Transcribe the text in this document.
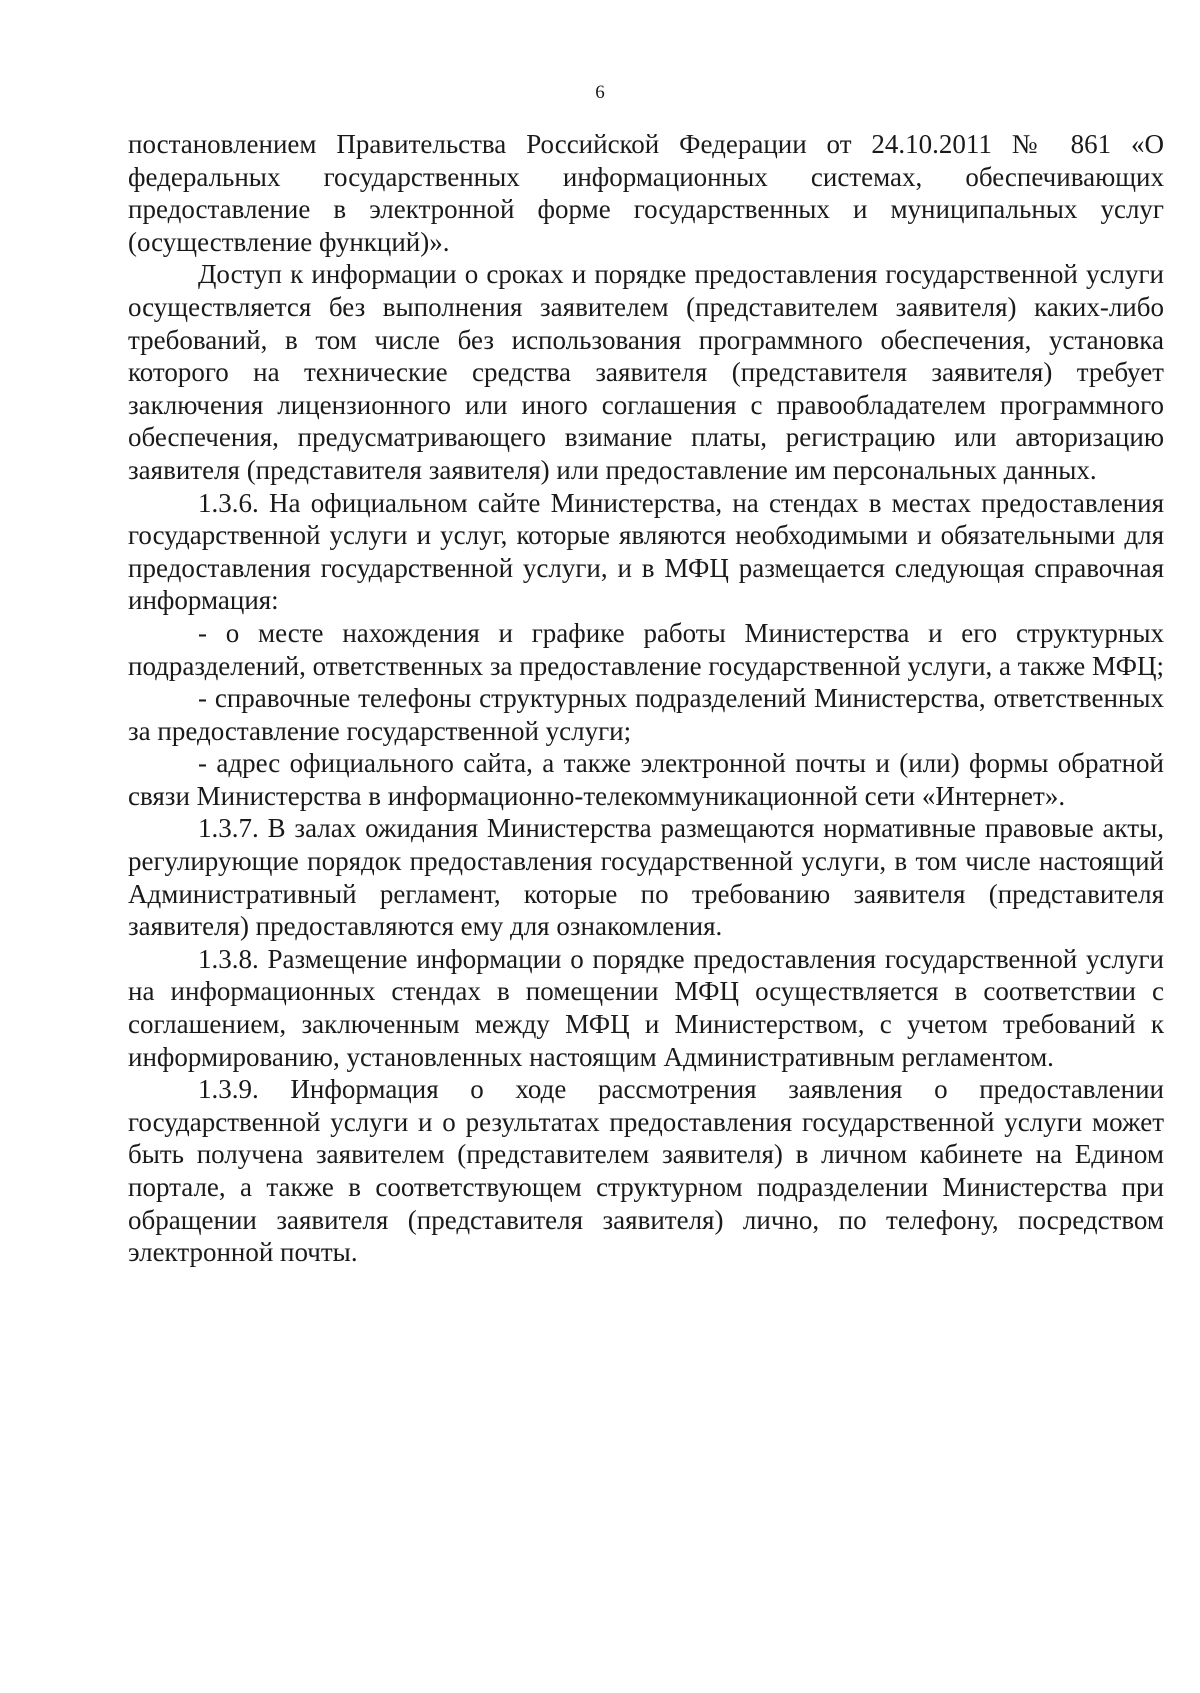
6

постановлением Правительства Российской Федерации от 24.10.2011 № 861 «О федеральных государственных информационных системах, обеспечивающих предоставление в электронной форме государственных и муниципальных услуг (осуществление функций)».

Доступ к информации о сроках и порядке предоставления государственной услуги осуществляется без выполнения заявителем (представителем заявителя) каких-либо требований, в том числе без использования программного обеспечения, установка которого на технические средства заявителя (представителя заявителя) требует заключения лицензионного или иного соглашения с правообладателем программного обеспечения, предусматривающего взимание платы, регистрацию или авторизацию заявителя (представителя заявителя) или предоставление им персональных данных.

1.3.6. На официальном сайте Министерства, на стендах в местах предоставления государственной услуги и услуг, которые являются необходимыми и обязательными для предоставления государственной услуги, и в МФЦ размещается следующая справочная информация:

- о месте нахождения и графике работы Министерства и его структурных подразделений, ответственных за предоставление государственной услуги, а также МФЦ;

- справочные телефоны структурных подразделений Министерства, ответственных за предоставление государственной услуги;

- адрес официального сайта, а также электронной почты и (или) формы обратной связи Министерства в информационно-телекоммуникационной сети «Интернет».

1.3.7. В залах ожидания Министерства размещаются нормативные правовые акты, регулирующие порядок предоставления государственной услуги, в том числе настоящий Административный регламент, которые по требованию заявителя (представителя заявителя) предоставляются ему для ознакомления.

1.3.8. Размещение информации о порядке предоставления государственной услуги на информационных стендах в помещении МФЦ осуществляется в соответствии с соглашением, заключенным между МФЦ и Министерством, с учетом требований к информированию, установленных настоящим Административным регламентом.

1.3.9. Информация о ходе рассмотрения заявления о предоставлении государственной услуги и о результатах предоставления государственной услуги может быть получена заявителем (представителем заявителя) в личном кабинете на Едином портале, а также в соответствующем структурном подразделении Министерства при обращении заявителя (представителя заявителя) лично, по телефону, посредством электронной почты.
